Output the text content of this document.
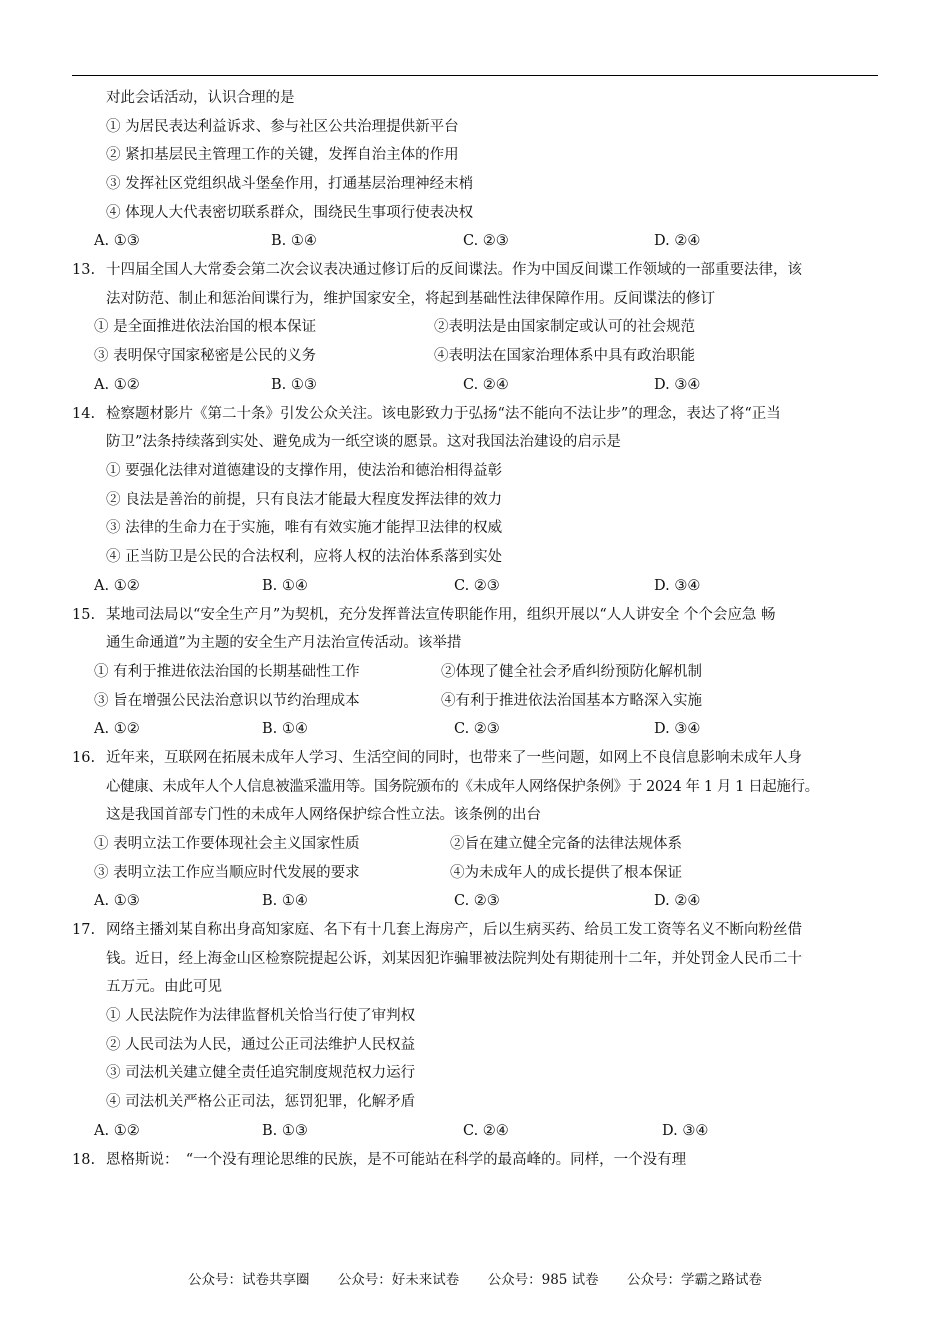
对此会话活动，认识合理的是
① 为居民表达利益诉求、参与社区公共治理提供新平台
② 紧扣基层民主管理工作的关键，发挥自治主体的作用
③ 发挥社区党组织战斗堡垒作用，打通基层治理神经末梢
④ 体现人大代表密切联系群众，围绕民生事项行使表决权
A. ①③	B. ①④	C. ②③	D. ②④
13. 十四届全国人大常委会第二次会议表决通过修订后的反间谍法。作为中国反间谍工作领域的一部重要法律，该
法对防范、制止和惩治间谍行为，维护国家安全，将起到基础性法律保障作用。反间谍法的修订
① 是全面推进依法治国的根本保证	②表明法是由国家制定或认可的社会规范
③ 表明保守国家秘密是公民的义务	④表明法在国家治理体系中具有政治职能
A. ①②	B. ①③	C. ②④	D. ③④
14. 检察题材影片《第二十条》引发公众关注。该电影致力于弘扬“法不能向不法让步”的理念，表达了将“正当
防卫”法条持续落到实处、避免成为一纸空谈的愿景。这对我国法治建设的启示是
① 要强化法律对道德建设的支撑作用，使法治和德治相得益彰
② 良法是善治的前提，只有良法才能最大程度发挥法律的效力
③ 法律的生命力在于实施，唯有有效实施才能捍卫法律的权威
④ 正当防卫是公民的合法权利，应将人权的法治体系落到实处
A. ①②	B. ①④	C. ②③	D. ③④
15. 某地司法局以“安全生产月”为契机，充分发挥普法宣传职能作用，组织开展以“人人讲安全 个个会应急 畅
通生命通道”为主题的安全生产月法治宣传活动。该举措
① 有利于推进依法治国的长期基础性工作	②体现了健全社会矛盾纠纷预防化解机制
③ 旨在增强公民法治意识以节约治理成本	④有利于推进依法治国基本方略深入实施
A. ①②	B. ①④	C. ②③	D. ③④
16. 近年来，互联网在拓展未成年人学习、生活空间的同时，也带来了一些问题，如网上不良信息影响未成年人身
心健康、未成年人个人信息被滥采滥用等。国务院颁布的《未成年人网络保护条例》于 2024 年 1 月 1 日起施行。
这是我国首部专门性的未成年人网络保护综合性立法。该条例的出台
① 表明立法工作要体现社会主义国家性质	②旨在建立健全完备的法律法规体系
③ 表明立法工作应当顺应时代发展的要求	④为未成年人的成长提供了根本保证
A. ①③	B. ①④	C. ②③	D. ②④
17. 网络主播刘某自称出身高知家庭、名下有十几套上海房产，后以生病买药、给员工发工资等名义不断向粉丝借
钱。近日，经上海金山区检察院提起公诉，刘某因犯诈骗罪被法院判处有期徒刑十二年，并处罚金人民币二十
五万元。由此可见
① 人民法院作为法律监督机关恰当行使了审判权
② 人民司法为人民，通过公正司法维护人民权益
③ 司法机关建立健全责任追究制度规范权力运行
④ 司法机关严格公正司法，惩罚犯罪，化解矛盾
A. ①②	B. ①③	C. ②④	D. ③④
18. 恩格斯说：　“一个没有理论思维的民族，是不可能站在科学的最高峰的。同样，一个没有理
公众号：试卷共享圈 公众号：好未来试卷 公众号：985 试卷 公众号：学霸之路试卷
